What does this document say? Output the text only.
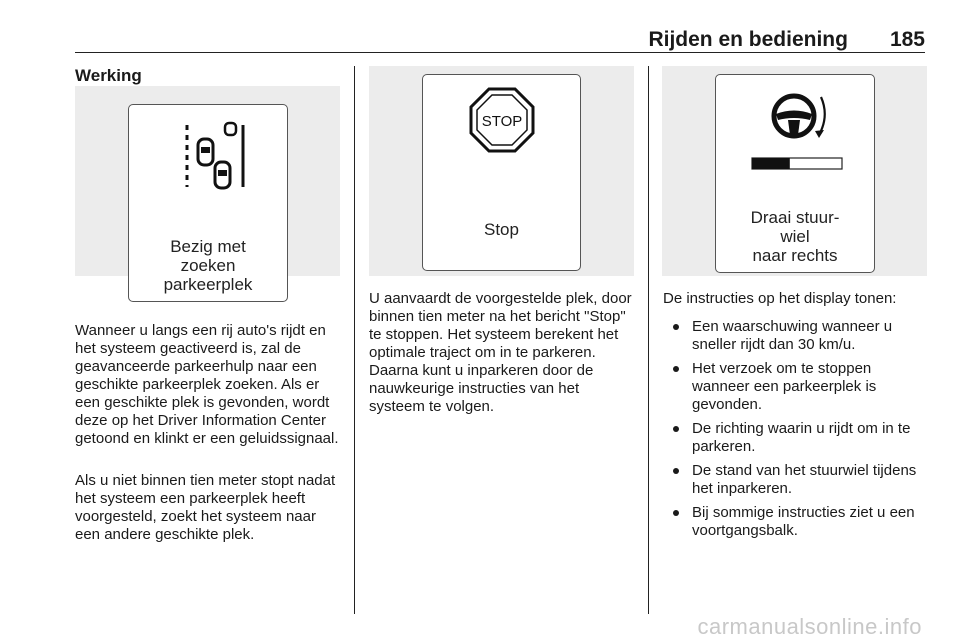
Rijden en bediening 185
Werking
Bezig met
zoeken
parkeerplek

Wanneer u langs een rij auto's rijdt en het systeem geactiveerd is, zal de geavanceerde parkeerhulp naar een geschikte parkeerplek zoeken. Als er een geschikte plek is gevonden, wordt deze op het Driver Information Center getoond en klinkt er een geluidssignaal.

Als u niet binnen tien meter stopt nadat het systeem een parkeerplek heeft voorgesteld, zoekt het systeem naar een andere geschikte plek.

STOP
Stop

U aanvaardt de voorgestelde plek, door binnen tien meter na het bericht "Stop" te stoppen. Het systeem berekent het optimale traject om in te parkeren. Daarna kunt u inparkeren door de nauwkeurige instructies van het systeem te volgen.

Draai stuur-
wiel
naar rechts

De instructies op het display tonen:

Een waarschuwing wanneer u sneller rijdt dan 30 km/u.
Het verzoek om te stoppen wanneer een parkeerplek is gevonden.
De richting waarin u rijdt om in te parkeren.
De stand van het stuurwiel tijdens het inparkeren.
Bij sommige instructies ziet u een voortgangsbalk.
carmanualsonline.info
